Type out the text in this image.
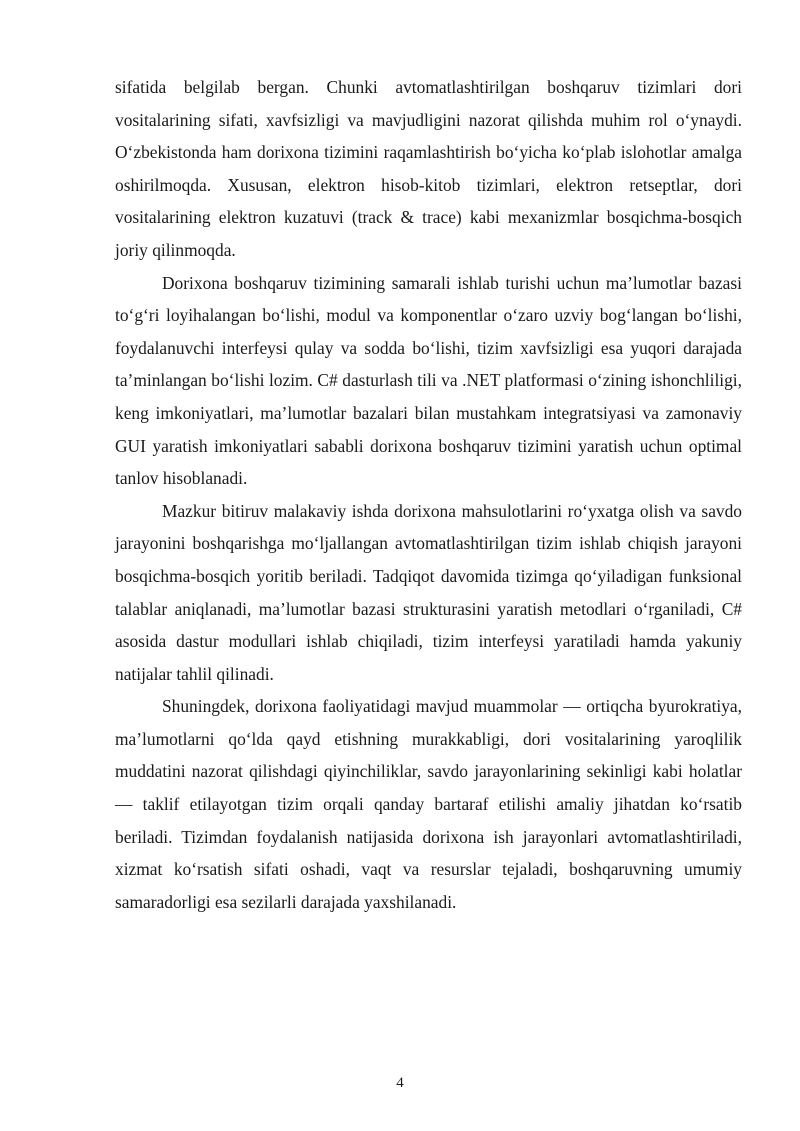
sifatida belgilab bergan. Chunki avtomatlashtirilgan boshqaruv tizimlari dori vositalarining sifati, xavfsizligi va mavjudligini nazorat qilishda muhim rol o‘ynaydi. O‘zbekistonda ham dorixona tizimini raqamlashtirish bo‘yicha ko‘plab islohotlar amalga oshirilmoqda. Xususan, elektron hisob-kitob tizimlari, elektron retseptlar, dori vositalarining elektron kuzatuvi (track & trace) kabi mexanizmlar bosqichma-bosqich joriy qilinmoqda.

Dorixona boshqaruv tizimining samarali ishlab turishi uchun ma’lumotlar bazasi to‘g‘ri loyihalangan bo‘lishi, modul va komponentlar o‘zaro uzviy bog‘langan bo‘lishi, foydalanuvchi interfeysi qulay va sodda bo‘lishi, tizim xavfsizligi esa yuqori darajada ta’minlangan bo‘lishi lozim. C# dasturlash tili va .NET platformasi o‘zining ishonchliligi, keng imkoniyatlari, ma’lumotlar bazalari bilan mustahkam integratsiyasi va zamonaviy GUI yaratish imkoniyatlari sababli dorixona boshqaruv tizimini yaratish uchun optimal tanlov hisoblanadi.

Mazkur bitiruv malakaviy ishda dorixona mahsulotlarini ro‘yxatga olish va savdo jarayonini boshqarishga mo‘ljallangan avtomatlashtirilgan tizim ishlab chiqish jarayoni bosqichma-bosqich yoritib beriladi. Tadqiqot davomida tizimga qo‘yiladigan funksional talablar aniqlanadi, ma’lumotlar bazasi strukturasini yaratish metodlari o‘rganiladi, C# asosida dastur modullari ishlab chiqiladi, tizim interfeysi yaratiladi hamda yakuniy natijalar tahlil qilinadi.

Shuningdek, dorixona faoliyatidagi mavjud muammolar — ortiqcha byurokratiya, ma’lumotlarni qo‘lda qayd etishning murakkabligi, dori vositalarining yaroqlilik muddatini nazorat qilishdagi qiyinchiliklar, savdo jarayonlarining sekinligi kabi holatlar — taklif etilayotgan tizim orqali qanday bartaraf etilishi amaliy jihatdan ko‘rsatib beriladi. Tizimdan foydalanish natijasida dorixona ish jarayonlari avtomatlashtiriladi, xizmat ko‘rsatish sifati oshadi, vaqt va resurslar tejaladi, boshqaruvning umumiy samaradorligi esa sezilarli darajada yaxshilanadi.

4
